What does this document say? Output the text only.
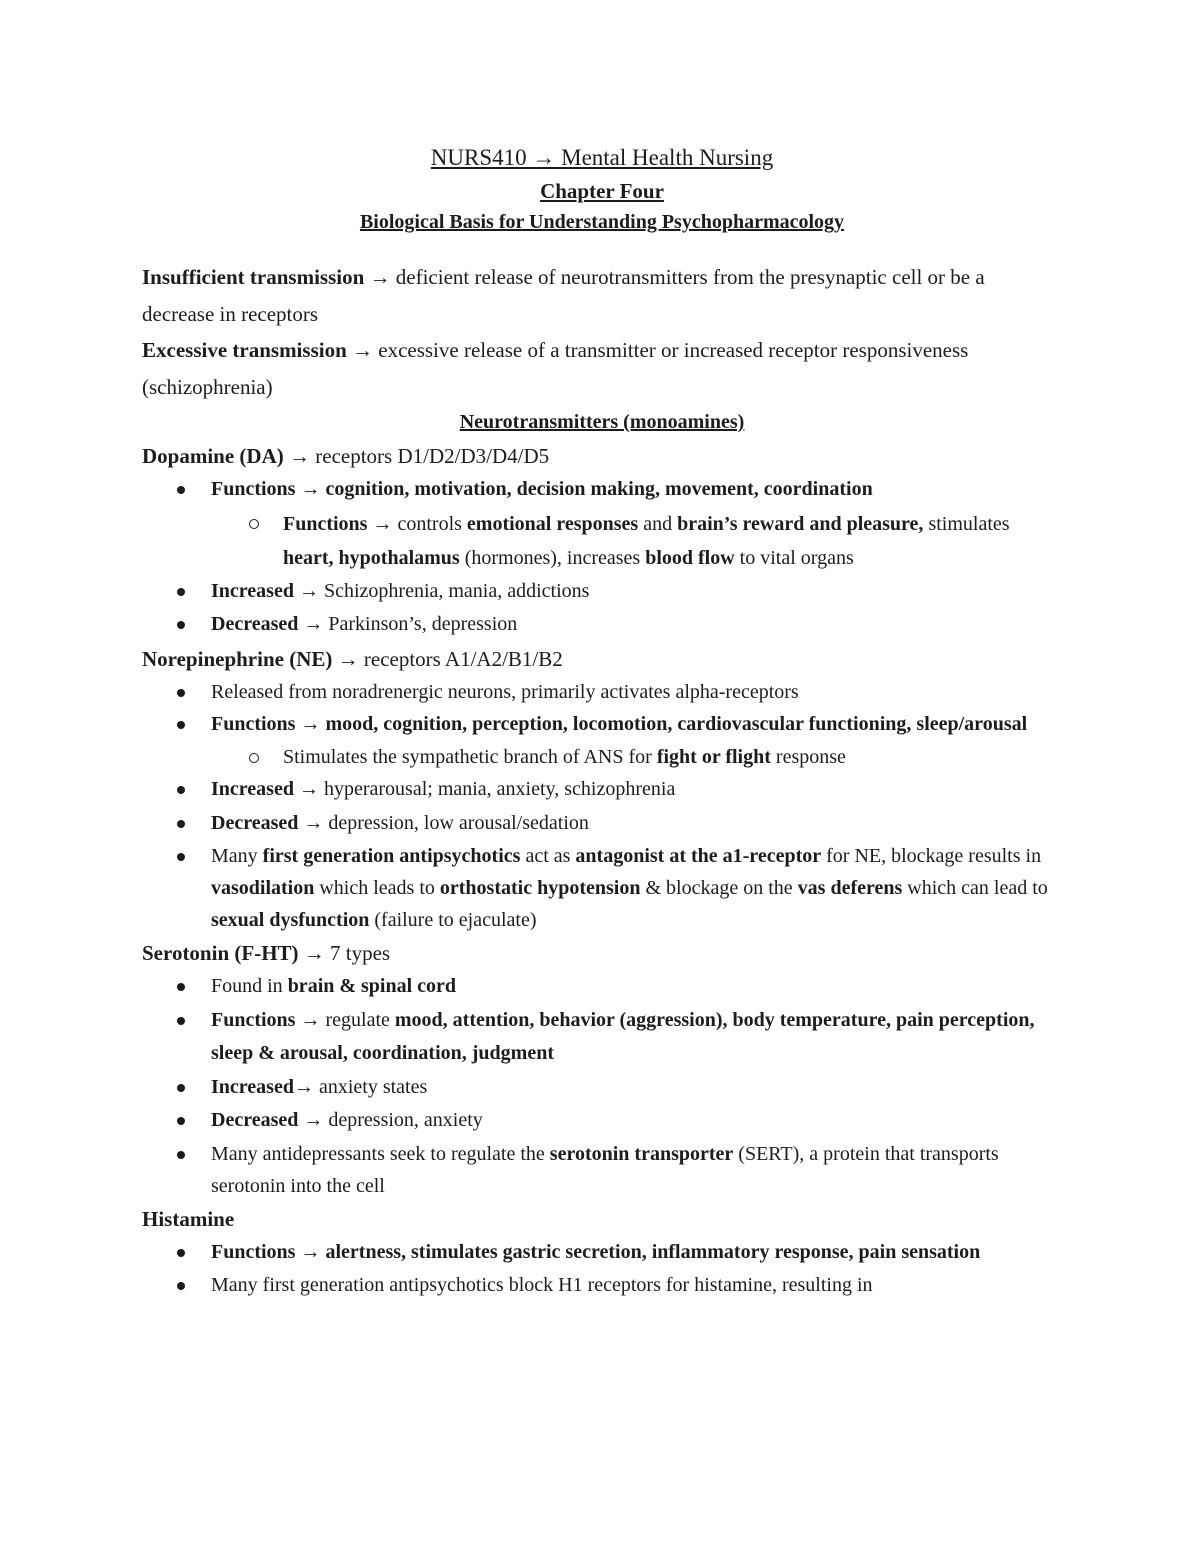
NURS410 → Mental Health Nursing
Chapter Four
Biological Basis for Understanding Psychopharmacology
Insufficient transmission → deficient release of neurotransmitters from the presynaptic cell or be a decrease in receptors
Excessive transmission → excessive release of a transmitter or increased receptor responsiveness (schizophrenia)
Neurotransmitters (monoamines)
Dopamine (DA) → receptors D1/D2/D3/D4/D5
Functions → cognition, motivation, decision making, movement, coordination
Functions → controls emotional responses and brain’s reward and pleasure, stimulates heart, hypothalamus (hormones), increases blood flow to vital organs
Increased → Schizophrenia, mania, addictions
Decreased → Parkinson’s, depression
Norepinephrine (NE) → receptors A1/A2/B1/B2
Released from noradrenergic neurons, primarily activates alpha-receptors
Functions → mood, cognition, perception, locomotion, cardiovascular functioning, sleep/arousal
Stimulates the sympathetic branch of ANS for fight or flight response
Increased → hyperarousal; mania, anxiety, schizophrenia
Decreased → depression, low arousal/sedation
Many first generation antipsychotics act as antagonist at the a1-receptor for NE, blockage results in vasodilation which leads to orthostatic hypotension & blockage on the vas deferens which can lead to sexual dysfunction (failure to ejaculate)
Serotonin (F-HT) → 7 types
Found in brain & spinal cord
Functions → regulate mood, attention, behavior (aggression), body temperature, pain perception, sleep & arousal, coordination, judgment
Increased→ anxiety states
Decreased → depression, anxiety
Many antidepressants seek to regulate the serotonin transporter (SERT), a protein that transports serotonin into the cell
Histamine
Functions → alertness, stimulates gastric secretion, inflammatory response, pain sensation
Many first generation antipsychotics block H1 receptors for histamine, resulting in
